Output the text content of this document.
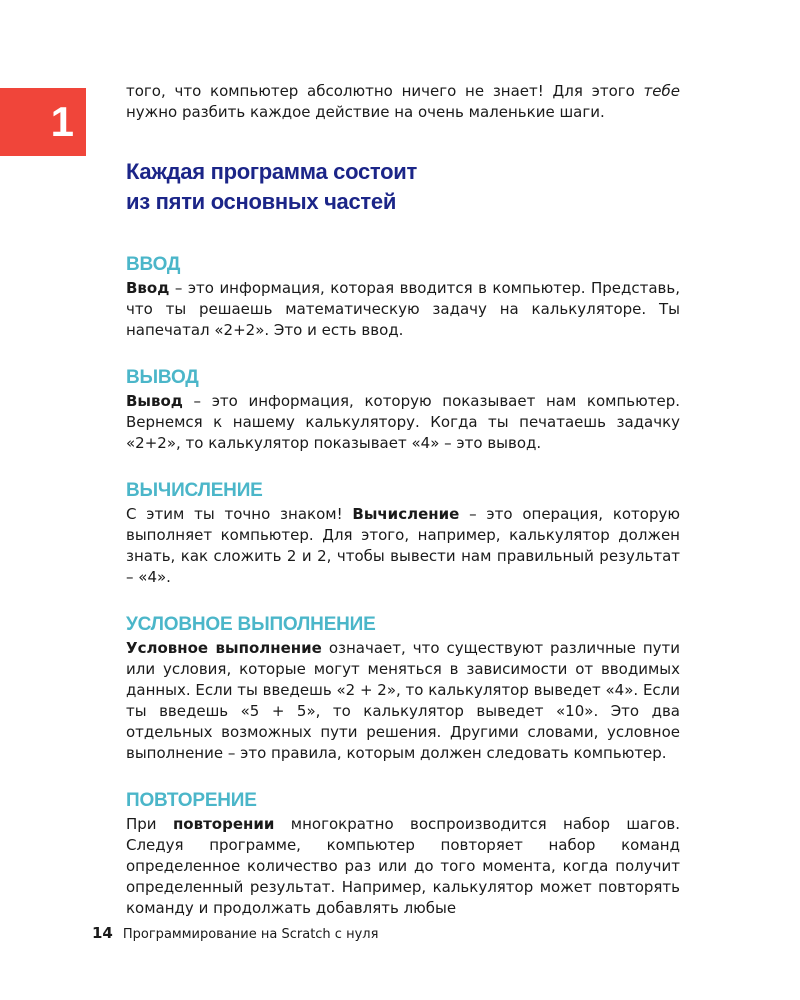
1

того, что компьютер абсолютно ничего не знает! Для этого тебе нужно разбить каждое действие на очень маленькие шаги.

Каждая программа состоит
из пяти основных частей
ВВОД

Ввод – это информация, которая вводится в компьютер. Представь, что ты решаешь математическую задачу на калькуляторе. Ты напечатал «2+2». Это и есть ввод.

ВЫВОД

Вывод – это информация, которую показывает нам компьютер. Вернемся к нашему калькулятору. Когда ты печатаешь задачку «2+2», то калькулятор показывает «4» – это вывод.

ВЫЧИСЛЕНИЕ

С этим ты точно знаком! Вычисление – это операция, которую выполняет компьютер. Для этого, например, калькулятор должен знать, как сложить 2 и 2, чтобы вывести нам правильный результат – «4».

УСЛОВНОЕ ВЫПОЛНЕНИЕ

Условное выполнение означает, что существуют различные пути или условия, которые могут меняться в зависимости от вводимых данных. Если ты введешь «2 + 2», то калькулятор выведет «4». Если ты введешь «5 + 5», то калькулятор выведет «10». Это два отдельных возможных пути решения. Другими словами, условное выполнение – это правила, которым должен следовать компьютер.

ПОВТОРЕНИЕ

При повторении многократно воспроизводится набор шагов. Следуя программе, компьютер повторяет набор команд определенное количество раз или до того момента, когда получит определенный результат. Например, калькулятор может повторять команду и продолжать добавлять любые

14 Программирование на Scratch с нуля
